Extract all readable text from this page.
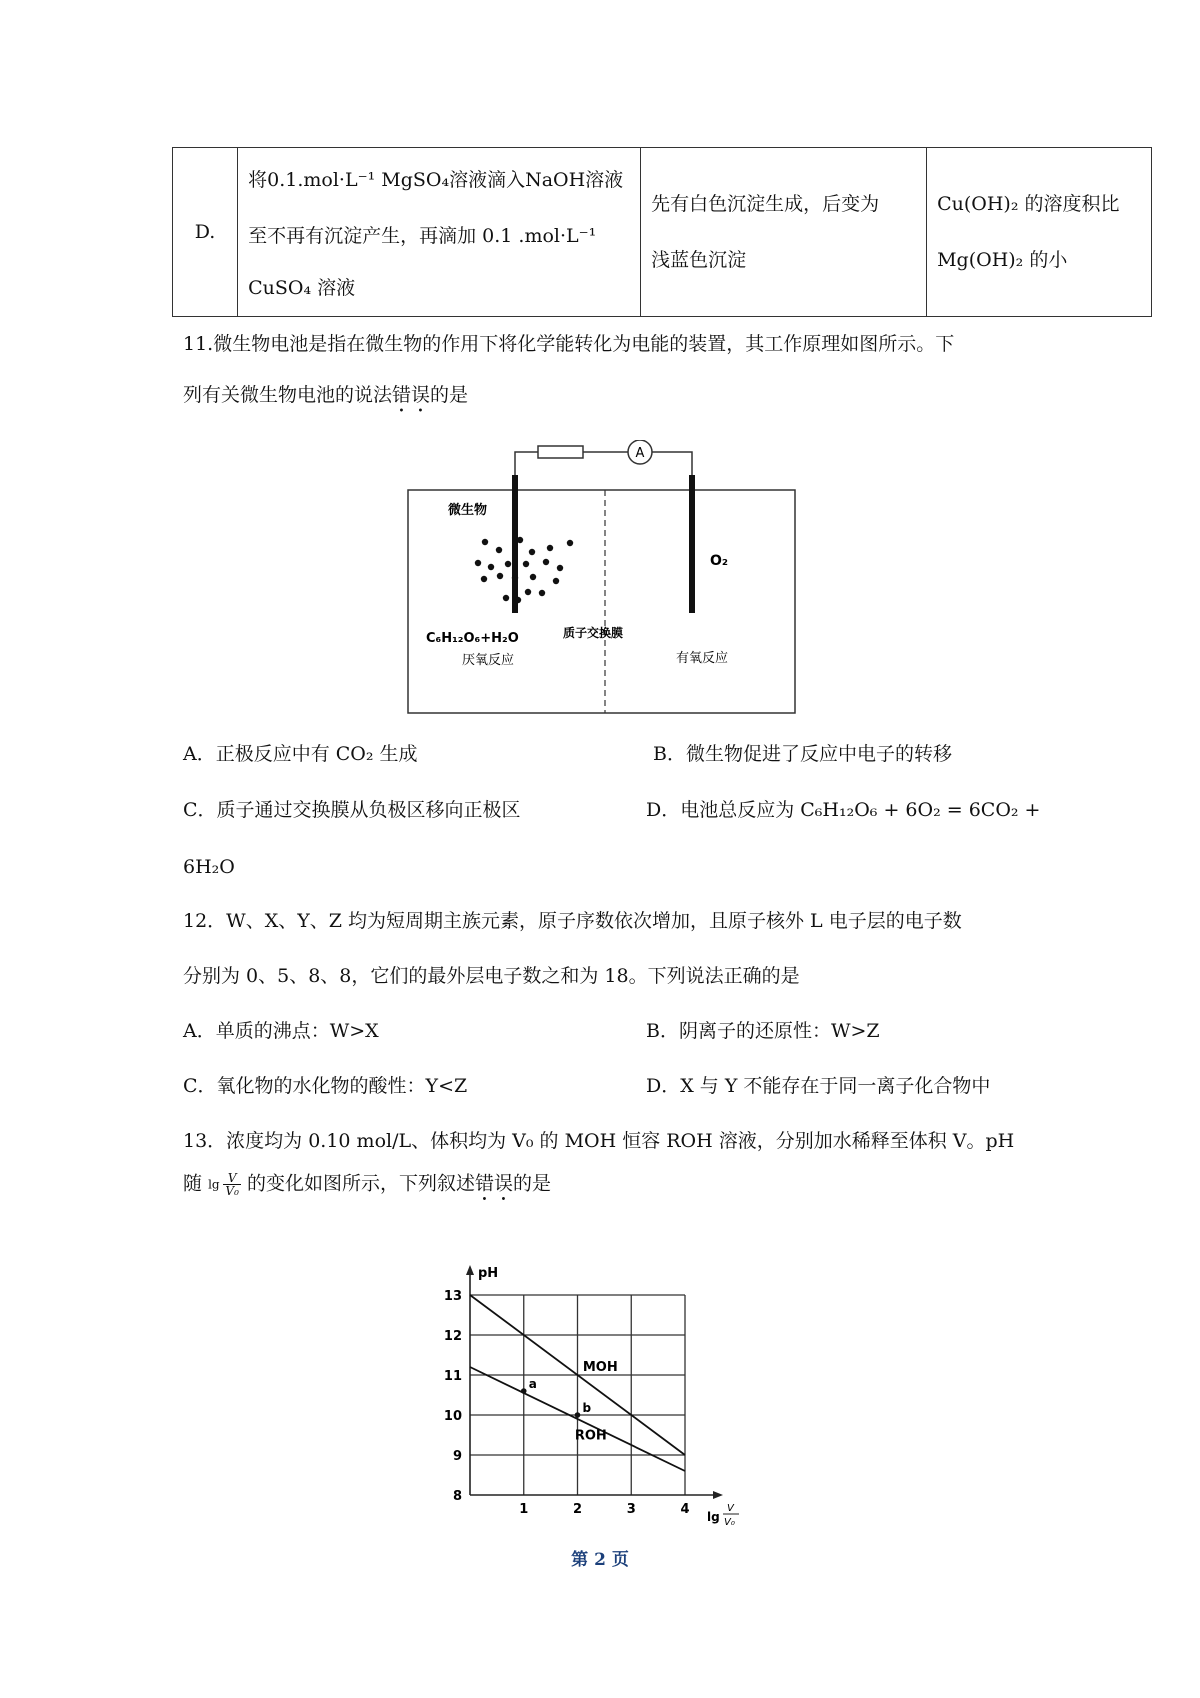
D.	
将0.1.mol·L⁻¹ MgSO₄溶液滴入NaOH溶液
至不再有沉淀产生，再滴加 0.1 .mol·L⁻¹
CuSO₄ 溶液

先有白色沉淀生成，后变为
浅蓝色沉淀

Cu(OH)₂ 的溶度积比
Mg(OH)₂ 的小
11.微生物电池是指在微生物的作用下将化学能转化为电能的装置，其工作原理如图所示。下
列有关微生物电池的说法错误的是
A
微生物
O₂
C₆H₁₂O₆+H₂O	质子交换膜
厌氧反应	有氧反应
A．正极反应中有 CO₂ 生成	B．微生物促进了反应中电子的转移
C．质子通过交换膜从负极区移向正极区	D．电池总反应为 C₆H₁₂O₆ + 6O₂ = 6CO₂ +
6H₂O
12．W、X、Y、Z 均为短周期主族元素，原子序数依次增加，且原子核外 L 电子层的电子数
分别为 0、5、8、8，它们的最外层电子数之和为 18。下列说法正确的是
A．单质的沸点：W>X	B．阴离子的还原性：W>Z
C．氧化物的水化物的酸性：Y<Z	D．X 与 Y 不能存在于同一离子化合物中
13．浓度均为 0.10 mol/L、体积均为 V₀ 的 MOH 恒容 ROH 溶液，分别加水稀释至体积 V。pH
随 $\lg \frac{V}{\text{V₀}}$ 的变化如图所示，下列叙述错误的是
8
9
10
11
12
13
1	2	3	4
pH
lg
V
V₀
MOH
ROH
a
b
第 2 页
